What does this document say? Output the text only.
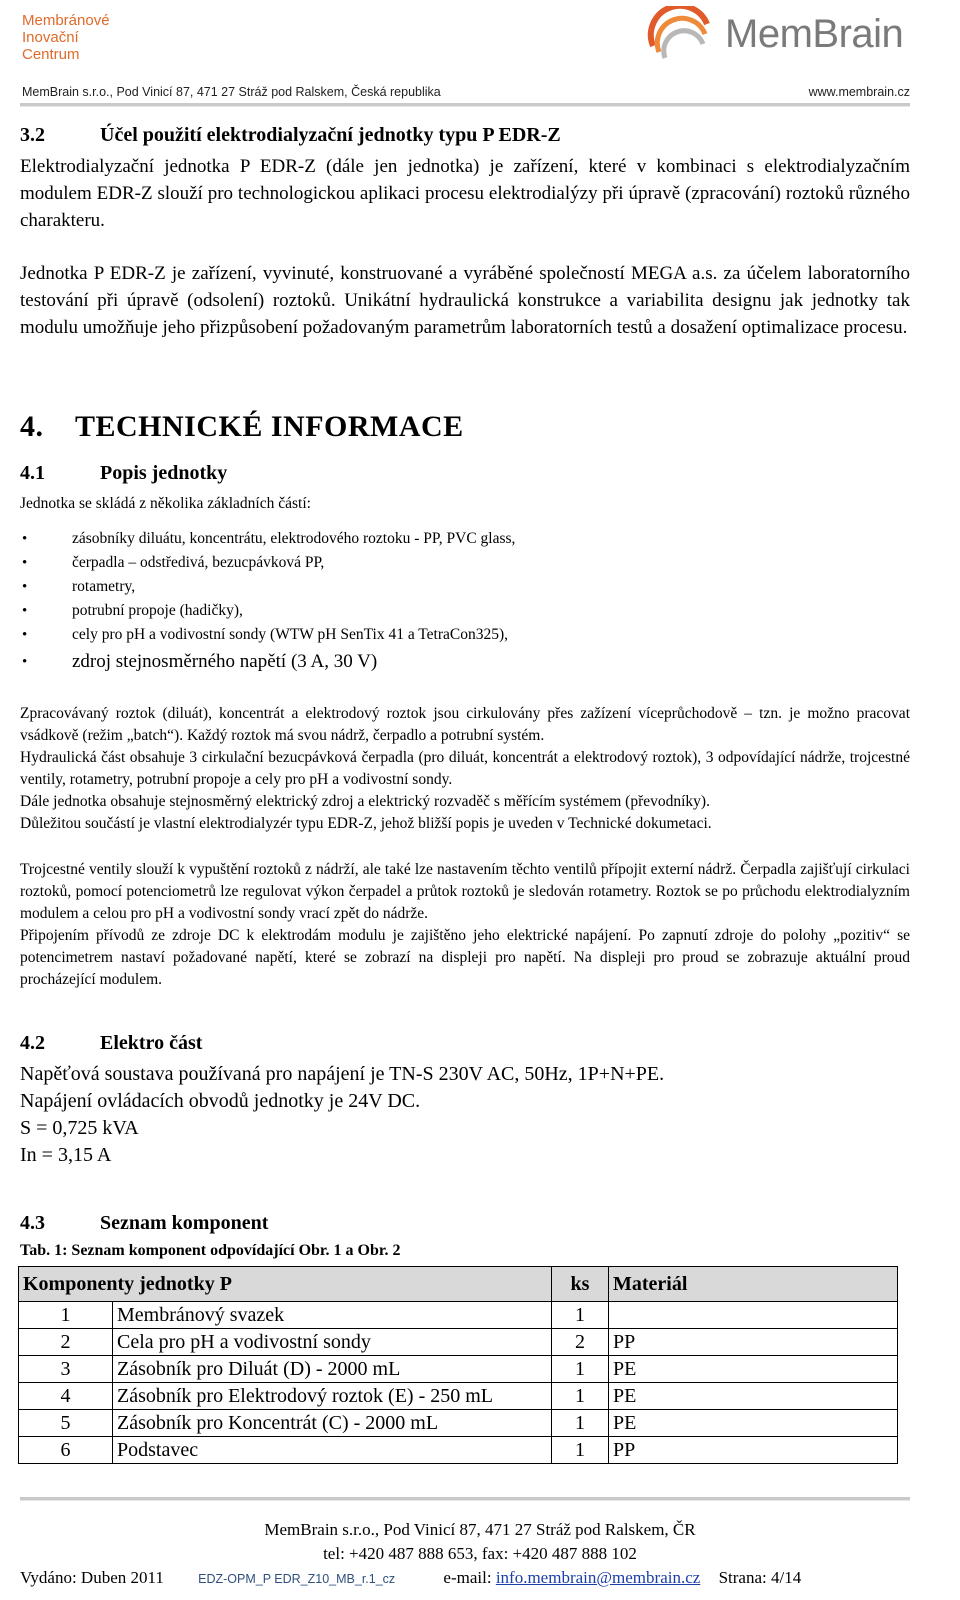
Membránové
Inovační
Centrum	MemBrain
MemBrain s.r.o., Pod Vinicí 87, 471 27 Stráž pod Ralskem, Česká republika	www.membrain.cz
3.2	Účel použití elektrodialyzační jednotky typu P EDR-Z
Elektrodialyzační jednotka P EDR-Z (dále jen jednotka) je zařízení, které v kombinaci s elektrodialyzačním modulem EDR-Z slouží pro technologickou aplikaci procesu elektrodialýzy při úpravě (zpracování) roztoků různého charakteru.
Jednotka P EDR-Z je zařízení, vyvinuté, konstruované a vyráběné společností MEGA a.s. za účelem laboratorního testování při úpravě (odsolení) roztoků. Unikátní hydraulická konstrukce a variabilita designu jak jednotky tak modulu umožňuje jeho přizpůsobení požadovaným parametrům laboratorních testů a dosažení optimalizace procesu.
4. TECHNICKÉ INFORMACE
4.1	Popis jednotky
Jednotka se skládá z několika základních částí:
• zásobníky diluátu, koncentrátu, elektrodového roztoku - PP, PVC glass,
• čerpadla – odstředivá, bezucpávková PP,
• rotametry,
• potrubní propoje (hadičky),
• cely pro pH a vodivostní sondy (WTW pH SenTix 41 a TetraCon325),
• zdroj stejnosměrného napětí (3 A, 30 V)
Zpracovávaný roztok (diluát), koncentrát a elektrodový roztok jsou cirkulovány přes zažízení víceprůchodově – tzn. je možno pracovat vsádkově (režim „batch“). Každý roztok má svou nádrž, čerpadlo a potrubní systém.
Hydraulická část obsahuje 3 cirkulační bezucpávková čerpadla (pro diluát, koncentrát a elektrodový roztok), 3 odpovídající nádrže, trojcestné ventily, rotametry, potrubní propoje a cely pro pH a vodivostní sondy.
Dále jednotka obsahuje stejnosměrný elektrický zdroj a elektrický rozvaděč s měřícím systémem (převodníky).
Důležitou součástí je vlastní elektrodialyzér typu EDR-Z, jehož bližší popis je uveden v Technické dokumetaci.
Trojcestné ventily slouží k vypuštění roztoků z nádrží, ale také lze nastavením těchto ventilů přípojit externí nádrž. Čerpadla zajišťují cirkulaci roztoků, pomocí potenciometrů lze regulovat výkon čerpadel a průtok roztoků je sledován rotametry. Roztok se po průchodu elektrodialyzním modulem a celou pro pH a vodivostní sondy vrací zpět do nádrže.
Připojením přívodů ze zdroje DC k elektrodám modulu je zajištěno jeho elektrické napájení. Po zapnutí zdroje do polohy „pozitiv“ se potencimetrem nastaví požadované napětí, které se zobrazí na displeji pro napětí. Na displeji pro proud se zobrazuje aktuální proud procházející modulem.
4.2	Elektro část
Napěťová soustava používaná pro napájení je TN-S 230V AC, 50Hz, 1P+N+PE.
Napájení ovládacích obvodů jednotky je 24V DC.
S = 0,725 kVA
In = 3,15 A
4.3	Seznam komponent
Tab. 1: Seznam komponent odpovídající Obr. 1 a Obr. 2
Komponenty jednotky P		ks	Materiál
1	Membránový svazek	1	
2	Cela pro pH a vodivostní sondy	2	PP
3	Zásobník pro Diluát (D) - 2000 mL	1	PE
4	Zásobník pro Elektrodový roztok (E) - 250 mL	1	PE
5	Zásobník pro Koncentrát (C) - 2000 mL	1	PE
6	Podstavec	1	PP
MemBrain s.r.o., Pod Vinicí 87, 471 27 Stráž pod Ralskem, ČR
tel: +420 487 888 653, fax: +420 487 888 102
Vydáno: Duben 2011	EDZ-OPM_P EDR_Z10_MB_r.1_cz	e-mail: info.membrain@membrain.cz Strana: 4/14
